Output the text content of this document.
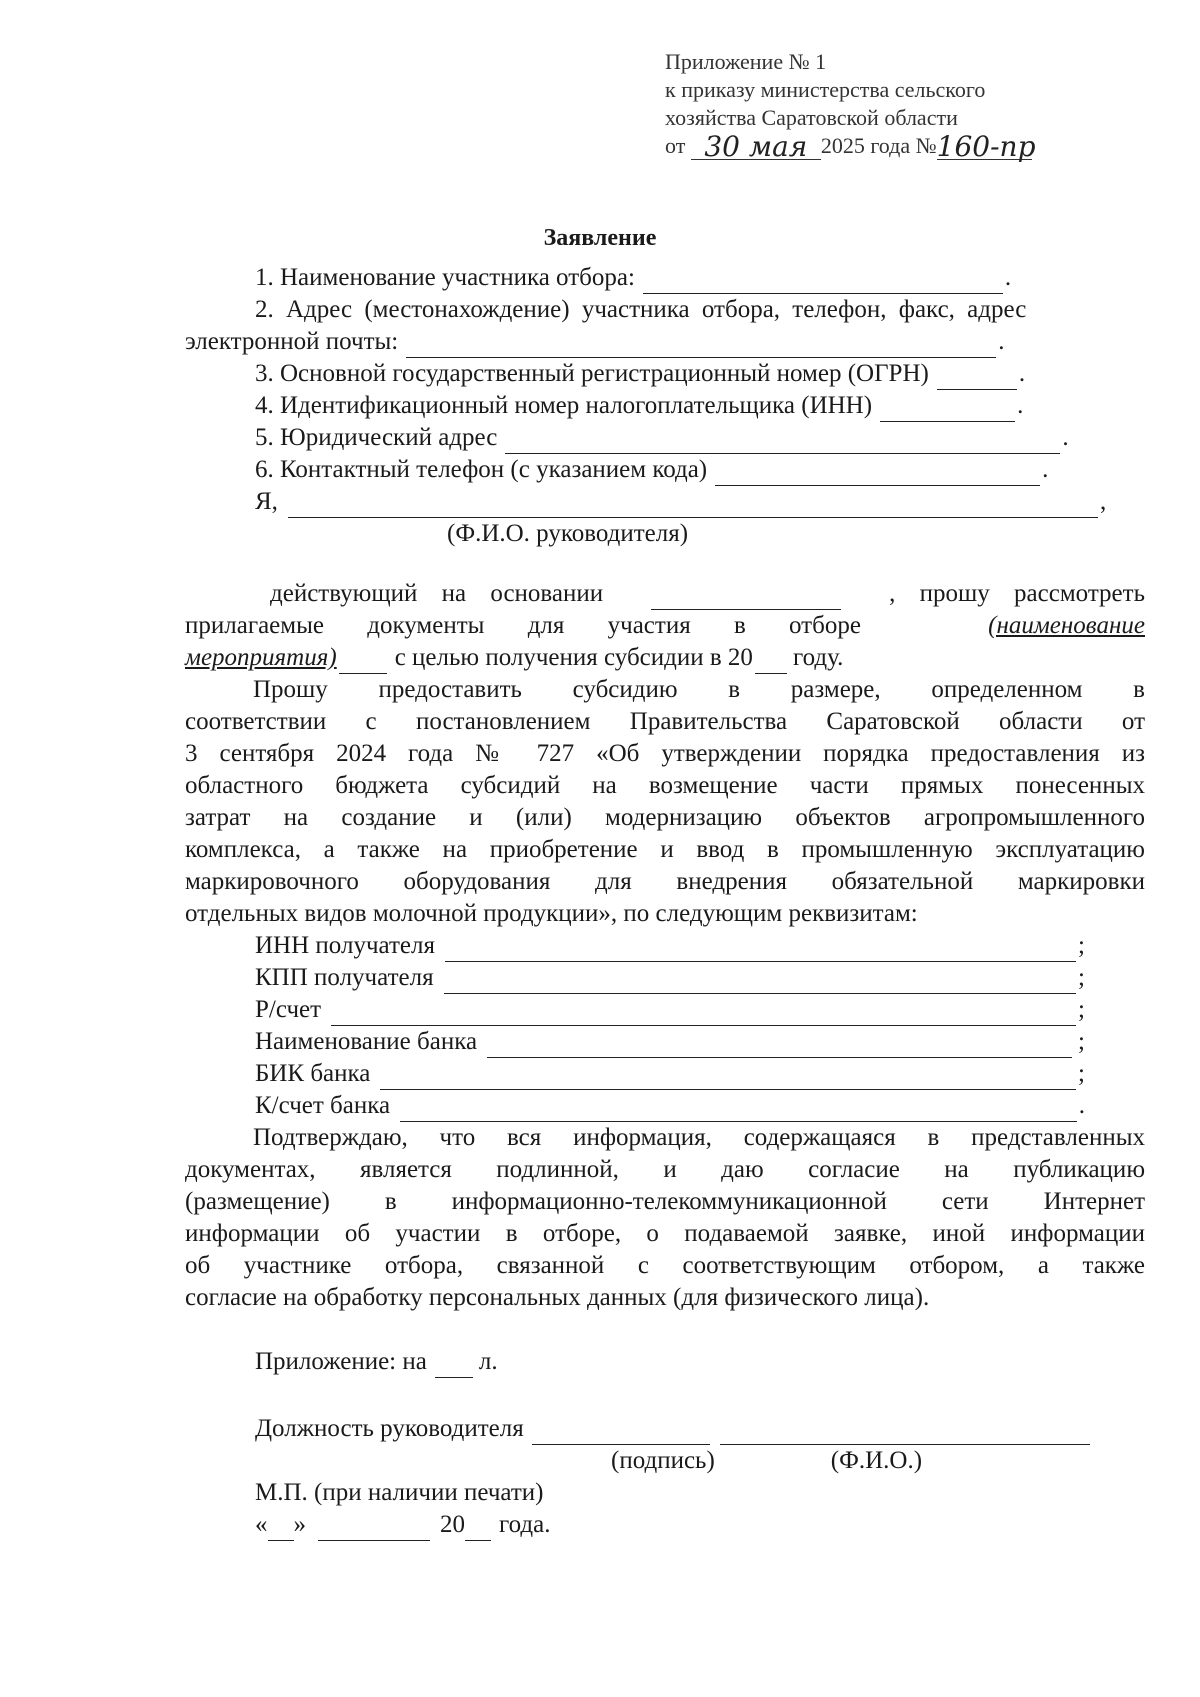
Приложение № 1
к приказу министерства сельского
хозяйства Саратовской области
от
30 мая 2025 года № 160-пр
Заявление
1. Наименование участника отбора:	.
2. Адрес (местонахождение) участника отбора, телефон, факс, адрес
электронной почты:	.
3. Основной государственный регистрационный номер (ОГРН)	.
4. Идентификационный номер налогоплательщика (ИНН)	.
5. Юридический адрес	.
6. Контактный телефон (с указанием кода)	.
Я,	,
(Ф.И.О. руководителя)
действующий на основании	, прошу рассмотреть
прилагаемые документы для участия в отборе	(наименование
мероприятия) с целью получения субсидии в 20 году.
Прошу предоставить субсидию в размере, определенном в
соответствии с постановлением Правительства Саратовской области от
3 сентября 2024 года № 727 «Об утверждении порядка предоставления из
областного бюджета субсидий на возмещение части прямых понесенных
затрат на создание и (или) модернизацию объектов агропромышленного
комплекса, а также на приобретение и ввод в промышленную эксплуатацию
маркировочного оборудования для внедрения обязательной маркировки
отдельных видов молочной продукции», по следующим реквизитам:
ИНН получателя	;
КПП получателя	;
Р/счет	;
Наименование банка	;
БИК банка	;
К/счет банка	.
Подтверждаю, что вся информация, содержащаяся в представленных
документах, является подлинной, и даю согласие на публикацию
(размещение) в информационно-телекоммуникационной сети Интернет
информации об участии в отборе, о подаваемой заявке, иной информации
об участнике отбора, связанной с соответствующим отбором, а также
согласие на обработку персональных данных (для физического лица).
Приложение: на л.
Должность руководителя
(подпись)	(Ф.И.О.)
М.П. (при наличии печати)
« »	20 года.
